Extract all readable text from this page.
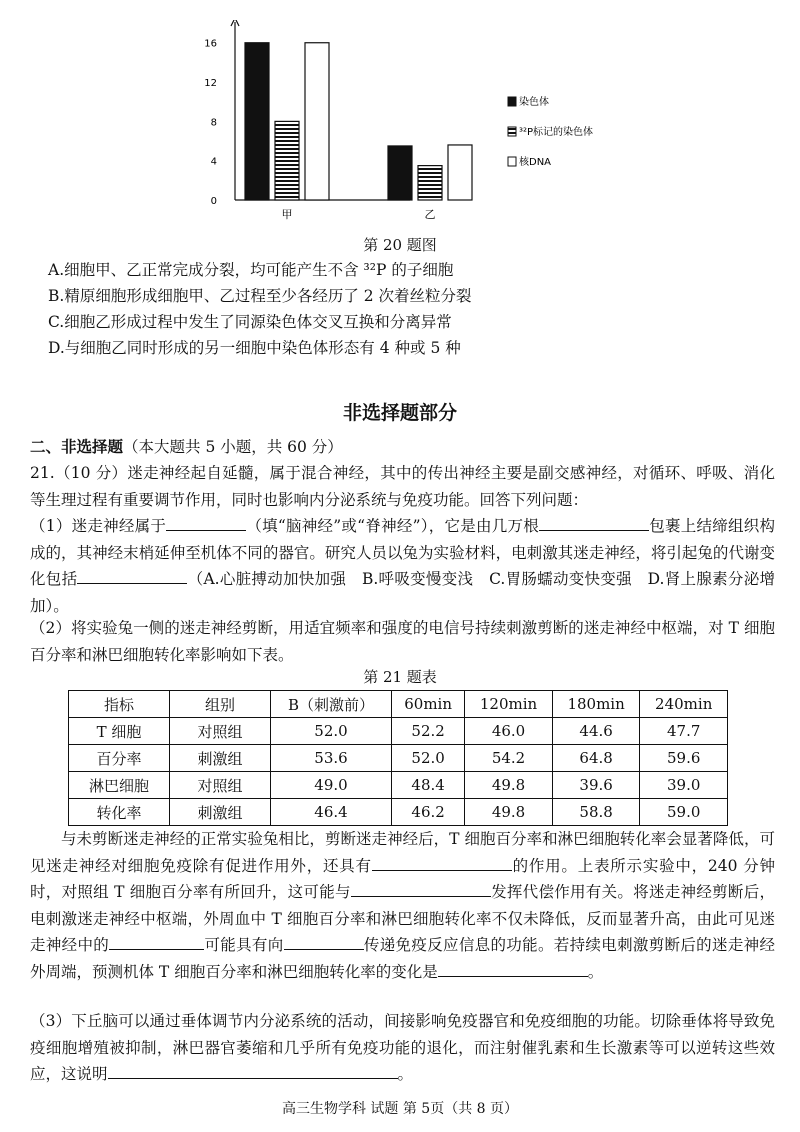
0
4
8
12
16
甲	乙
染色体
³²P标记的染色体
核DNA
第 20 题图
A.细胞甲、乙正常完成分裂，均可能产生不含 ³²P 的子细胞
B.精原细胞形成细胞甲、乙过程至少各经历了 2 次着丝粒分裂
C.细胞乙形成过程中发生了同源染色体交叉互换和分离异常
D.与细胞乙同时形成的另一细胞中染色体形态有 4 种或 5 种
非选择题部分
二、非选择题（本大题共 5 小题，共 60 分）
21.（10 分）迷走神经起自延髓，属于混合神经，其中的传出神经主要是副交感神经，对循环、呼吸、消化等生理过程有重要调节作用，同时也影响内分泌系统与免疫功能。回答下列问题：
（1）迷走神经属于	（填“脑神经”或“脊神经”），它是由几万根	包裹上结缔组织构成的，其神经末梢延伸至机体不同的器官。研究人员以兔为实验材料，电刺激其迷走神经，将引起兔的代谢变化包括	（A.心脏搏动加快加强　B.呼吸变慢变浅　C.胃肠蠕动变快变强　D.肾上腺素分泌增加）。
（2）将实验兔一侧的迷走神经剪断，用适宜频率和强度的电信号持续刺激剪断的迷走神经中枢端，对 T 细胞百分率和淋巴细胞转化率影响如下表。
第 21 题表
指标	组别	B（刺激前）	60min	120min	180min	240min
T 细胞	对照组	52.0	52.2	46.0	44.6	47.7
百分率	刺激组	53.6	52.0	54.2	64.8	59.6
淋巴细胞	对照组	49.0	48.4	49.8	39.6	39.0
转化率	刺激组	46.4	46.2	49.8	58.8	59.0
与未剪断迷走神经的正常实验兔相比，剪断迷走神经后，T 细胞百分率和淋巴细胞转化率会显著降低，可见迷走神经对细胞免疫除有促进作用外，还具有	的作用。上表所示实验中，240 分钟时，对照组 T 细胞百分率有所回升，这可能与	发挥代偿作用有关。将迷走神经剪断后，电刺激迷走神经中枢端，外周血中 T 细胞百分率和淋巴细胞转化率不仅未降低，反而显著升高，由此可见迷走神经中的	可能具有向	传递免疫反应信息的功能。若持续电刺激剪断后的迷走神经外周端，预测机体 T 细胞百分率和淋巴细胞转化率的变化是	。
（3）下丘脑可以通过垂体调节内分泌系统的活动，间接影响免疫器官和免疫细胞的功能。切除垂体将导致免疫细胞增殖被抑制，淋巴器官萎缩和几乎所有免疫功能的退化，而注射催乳素和生长激素等可以逆转这些效应，这说明	。
高三生物学科 试题 第 5页（共 8 页）
